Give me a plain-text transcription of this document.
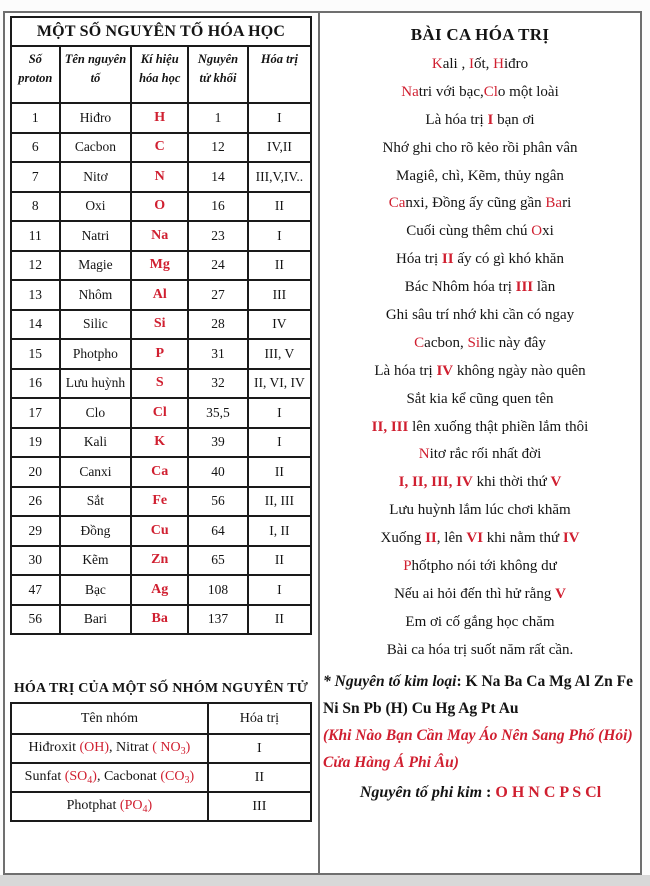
MỘT SỐ NGUYÊN TỐ HÓA HỌC				
Số proton	Tên nguyên tố	Kí hiệu hóa học	Nguyên tử khối	Hóa trị
1	Hiđro	H	1	I
6	Cacbon	C	12	IV,II
7	Nitơ	N	14	III,V,IV..
8	Oxi	O	16	II
11	Natri	Na	23	I
12	Magie	Mg	24	II
13	Nhôm	Al	27	III
14	Silic	Si	28	IV
15	Photpho	P	31	III, V
16	Lưu huỳnh	S	32	II, VI, IV
17	Clo	Cl	35,5	I
19	Kali	K	39	I
20	Canxi	Ca	40	II
26	Sắt	Fe	56	II, III
29	Đồng	Cu	64	I, II
30	Kẽm	Zn	65	II
47	Bạc	Ag	108	I
56	Bari	Ba	137	II
HÓA TRỊ CỦA MỘT SỐ NHÓM NGUYÊN TỬ
Tên nhóm	Hóa trị
Hiđroxit (OH), Nitrat ( $NO_3$)	I
Sunfat $(SO_4)$, Cacbonat $(CO_3)$	II
Photphat $(PO_4)$	III
BÀI CA HÓA TRỊ
Kali , Iốt, Hiđro
Natri với bạc,Clo một loài
Là hóa trị I bạn ơi
Nhớ ghi cho rõ kẻo rồi phân vân
Magiê, chì, Kẽm, thủy ngân
Canxi, Đồng ấy cũng gần Bari
Cuối cùng thêm chú Oxi
Hóa trị II ấy có gì khó khăn
Bác Nhôm hóa trị III lần
Ghi sâu trí nhớ khi cần có ngay
Cacbon, Silic này đây
Là hóa trị IV không ngày nào quên
Sắt kia kể cũng quen tên
II, III lên xuống thật phiền lắm thôi
Nitơ rắc rối nhất đời
I, II, III, IV khi thời thứ V
Lưu huỳnh lắm lúc chơi khăm
Xuống II, lên VI khi nằm thứ IV
Phốtpho nói tới không dư
Nếu ai hỏi đến thì hử rằng V
Em ơi cố gắng học chăm
Bài ca hóa trị suốt năm rất cần.
* Nguyên tố kim loại: K Na Ba Ca Mg Al Zn Fe Ni Sn Pb (H) Cu Hg Ag Pt Au
(Khi Nào Bạn Cần May Áo Nên Sang Phố (Hỏi) Cửa Hàng Á Phi Âu)
Nguyên tố phi kim : O H N C P S Cl
